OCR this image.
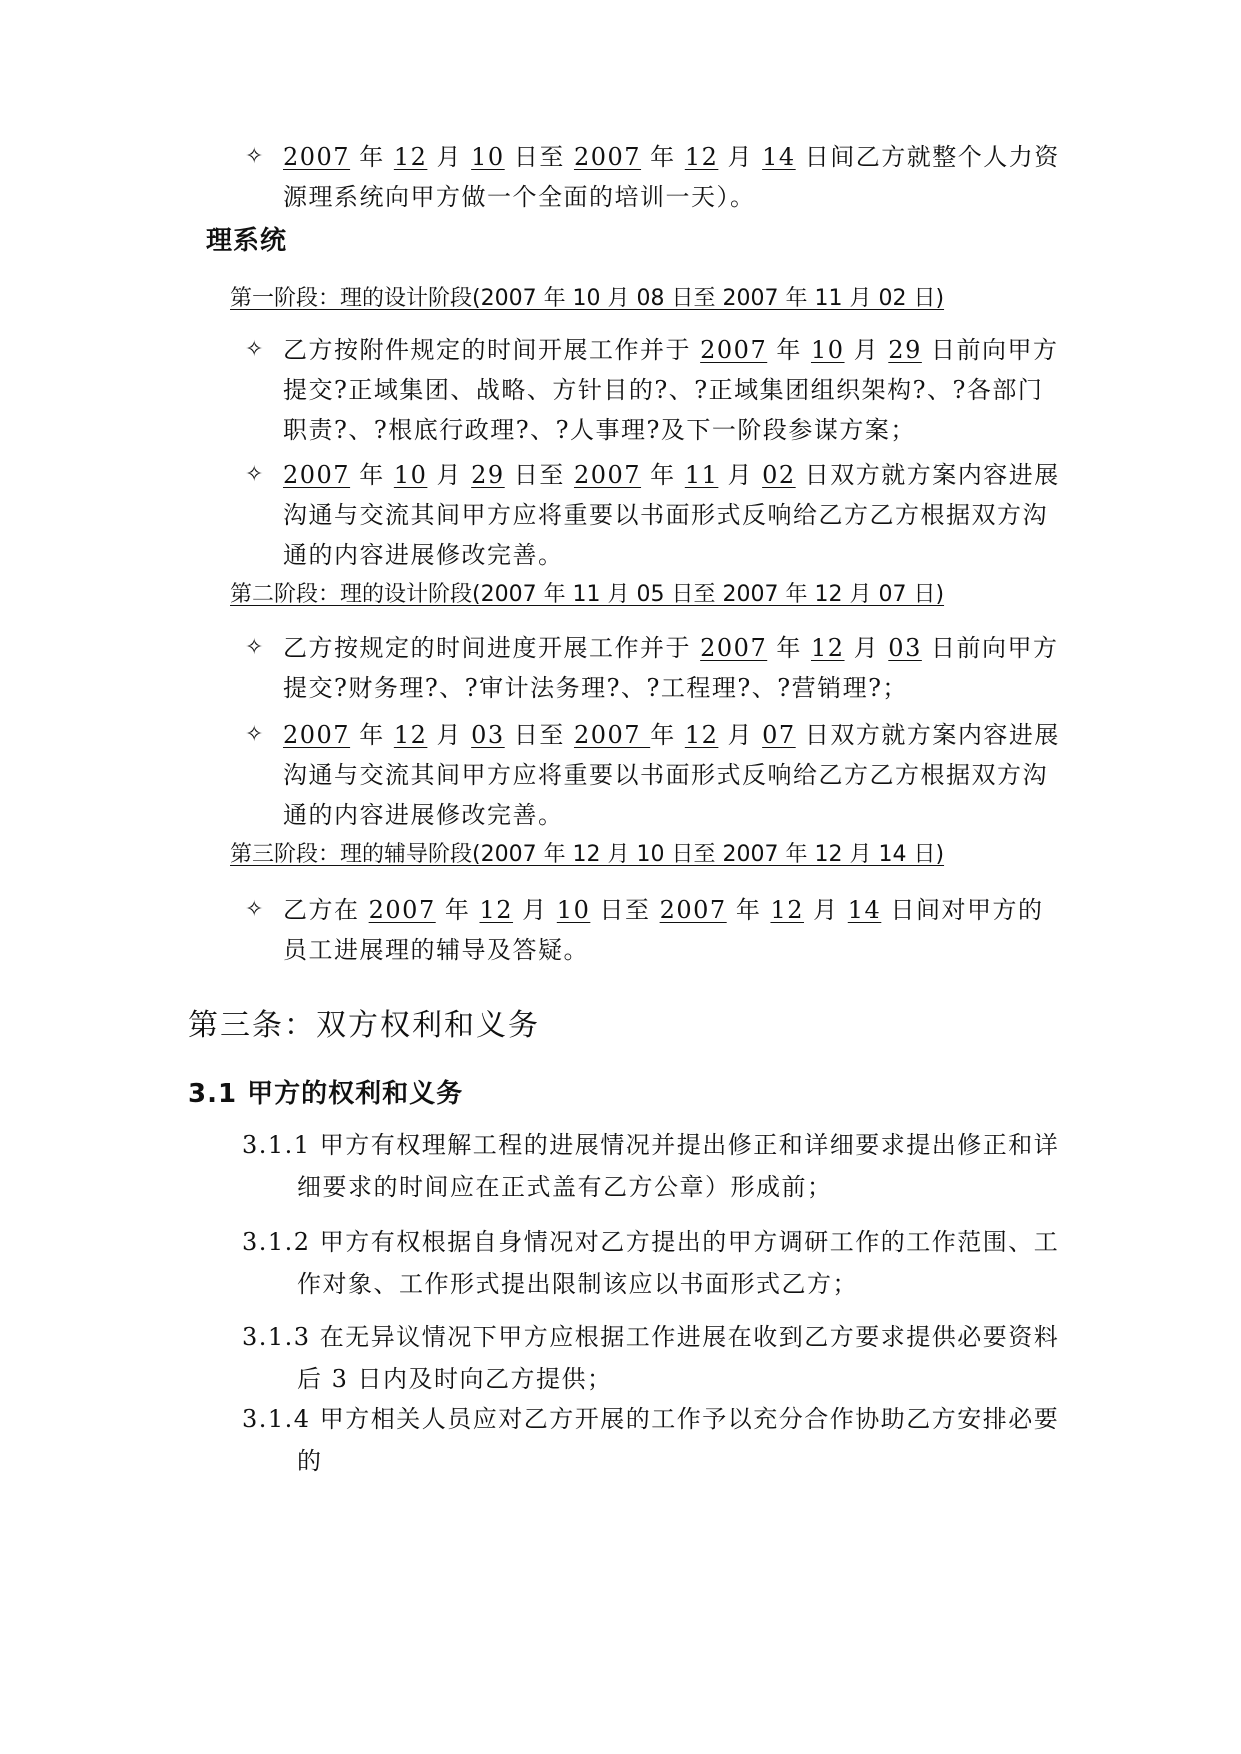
✧ 2007 年 12 月 10 日至 2007 年 12 月 14 日间乙方就整个人力资源理系统向甲方做一个全面的培训一天）。
理系统
第一阶段：理的设计阶段(2007 年 10 月 08 日至 2007 年 11 月 02 日)
✧ 乙方按附件规定的时间开展工作并于 2007 年 10 月 29 日前向甲方提交?正域集团、战略、方针目的?、?正域集团组织架构?、?各部门职责?、?根底行政理?、?人事理?及下一阶段参谋方案；
✧ 2007 年 10 月 29 日至 2007 年 11 月 02 日双方就方案内容进展沟通与交流其间甲方应将重要以书面形式反响给乙方乙方根据双方沟通的内容进展修改完善。
第二阶段：理的设计阶段(2007 年 11 月 05 日至 2007 年 12 月 07 日)
✧ 乙方按规定的时间进度开展工作并于 2007 年 12 月 03 日前向甲方提交?财务理?、?审计法务理?、?工程理?、?营销理?；
✧ 2007 年 12 月 03 日至 2007 年 12 月 07 日双方就方案内容进展沟通与交流其间甲方应将重要以书面形式反响给乙方乙方根据双方沟通的内容进展修改完善。
第三阶段：理的辅导阶段(2007 年 12 月 10 日至 2007 年 12 月 14 日)
✧ 乙方在 2007 年 12 月 10 日至 2007 年 12 月 14 日间对甲方的员工进展理的辅导及答疑。
第三条：双方权利和义务
3.1 甲方的权利和义务
3.1.1 甲方有权理解工程的进展情况并提出修正和详细要求提出修正和详细要求的时间应在正式盖有乙方公章）形成前；
3.1.2 甲方有权根据自身情况对乙方提出的甲方调研工作的工作范围、工作对象、工作形式提出限制该应以书面形式乙方；
3.1.3 在无异议情况下甲方应根据工作进展在收到乙方要求提供必要资料后 3 日内及时向乙方提供；
3.1.4 甲方相关人员应对乙方开展的工作予以充分合作协助乙方安排必要的
